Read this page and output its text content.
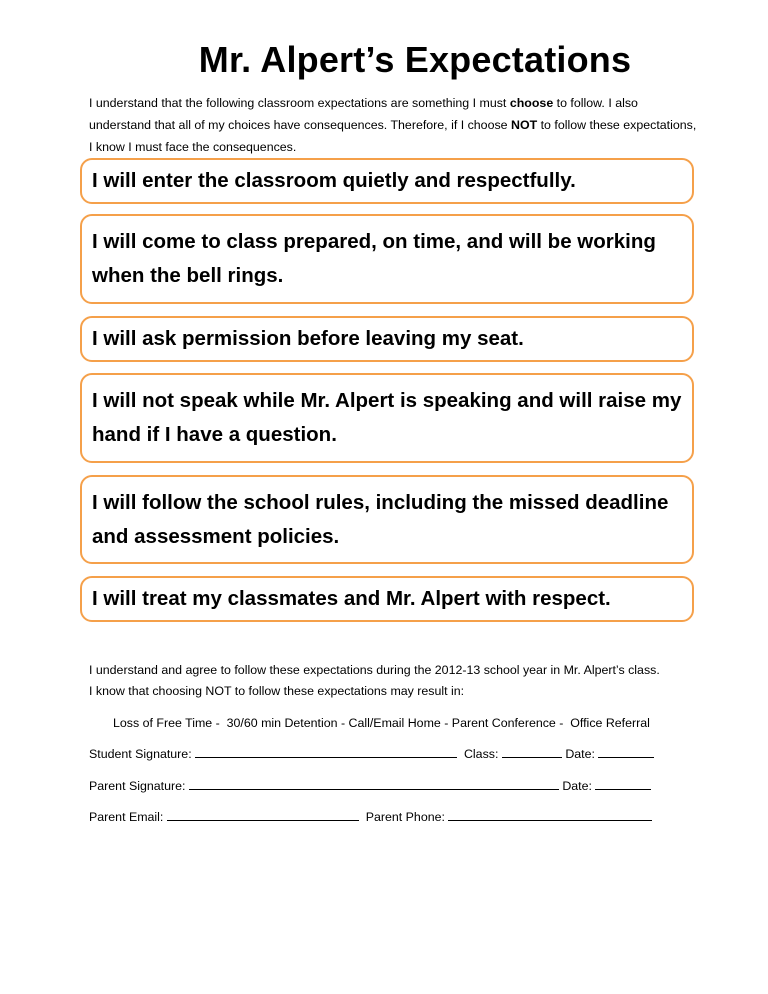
Mr. Alpert’s Expectations

I understand that the following classroom expectations are something I must choose to follow. I also understand that all of my choices have consequences. Therefore, if I choose NOT to follow these expectations, I know I must face the consequences.

I will enter the classroom quietly and respectfully.
I will come to class prepared, on time, and will be working when the bell rings.
I will ask permission before leaving my seat.
I will not speak while Mr. Alpert is speaking and will raise my hand if I have a question.
I will follow the school rules, including the missed deadline and assessment policies.
I will treat my classmates and Mr. Alpert with respect.

I understand and agree to follow these expectations during the 2012-13 school year in Mr. Alpert’s class.
I know that choosing NOT to follow these expectations may result in:

Loss of Free Time -  30/60 min Detention - Call/Email Home - Parent Conference -  Office Referral

Student Signature:	Class:	Date:

Parent Signature:	Date:

Parent Email:	Parent Phone:
